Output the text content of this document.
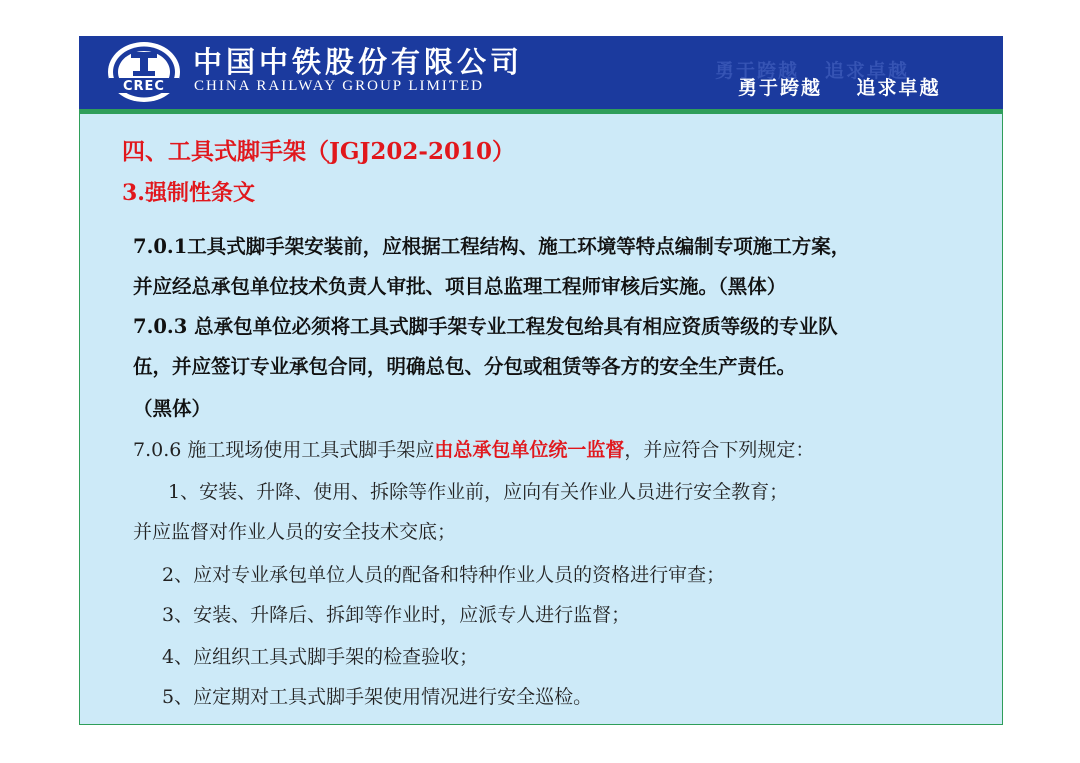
CREC
中国中铁股份有限公司
CHINA RAILWAY GROUP LIMITED
勇于跨越   追求卓越
勇于跨越    追求卓越
四、工具式脚手架（JGJ202-2010）
3.强制性条文
7.0.1工具式脚手架安装前，应根据工程结构、施工环境等特点编制专项施工方案，
并应经总承包单位技术负责人审批、项目总监理工程师审核后实施。（黑体）
7.0.3 总承包单位必须将工具式脚手架专业工程发包给具有相应资质等级的专业队
伍，并应签订专业承包合同，明确总包、分包或租赁等各方的安全生产责任。
（黑体）
7.0.6 施工现场使用工具式脚手架应由总承包单位统一监督，并应符合下列规定：
1、安装、升降、使用、拆除等作业前，应向有关作业人员进行安全教育；
并应监督对作业人员的安全技术交底；
2、应对专业承包单位人员的配备和特种作业人员的资格进行审查；
3、安装、升降后、拆卸等作业时，应派专人进行监督；
4、应组织工具式脚手架的检查验收；
5、应定期对工具式脚手架使用情况进行安全巡检。
